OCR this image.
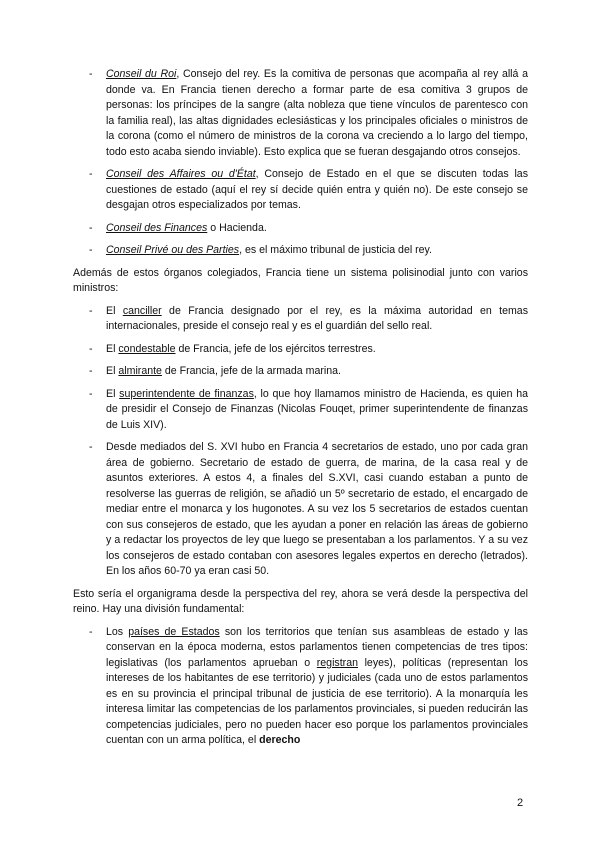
- Conseil du Roi, Consejo del rey. Es la comitiva de personas que acompaña al rey allá a donde va. En Francia tienen derecho a formar parte de esa comitiva 3 grupos de personas: los príncipes de la sangre (alta nobleza que tiene vínculos de parentesco con la familia real), las altas dignidades eclesiásticas y los principales oficiales o ministros de la corona (como el número de ministros de la corona va creciendo a lo largo del tiempo, todo esto acaba siendo inviable). Esto explica que se fueran desgajando otros consejos.
- Conseil des Affaires ou d'État, Consejo de Estado en el que se discuten todas las cuestiones de estado (aquí el rey sí decide quién entra y quién no). De este consejo se desgajan otros especializados por temas.
- Conseil des Finances o Hacienda.
- Conseil Privé ou des Parties, es el máximo tribunal de justicia del rey.

Además de estos órganos colegiados, Francia tiene un sistema polisinodial junto con varios ministros:

- El canciller de Francia designado por el rey, es la máxima autoridad en temas internacionales, preside el consejo real y es el guardián del sello real.
- El condestable de Francia, jefe de los ejércitos terrestres.
- El almirante de Francia, jefe de la armada marina.
- El superintendente de finanzas, lo que hoy llamamos ministro de Hacienda, es quien ha de presidir el Consejo de Finanzas (Nicolas Fouqet, primer superintendente de finanzas de Luis XIV).
- Desde mediados del S. XVI hubo en Francia 4 secretarios de estado, uno por cada gran área de gobierno. Secretario de estado de guerra, de marina, de la casa real y de asuntos exteriores. A estos 4, a finales del S.XVI, casi cuando estaban a punto de resolverse las guerras de religión, se añadió un 5º secretario de estado, el encargado de mediar entre el monarca y los hugonotes. A su vez los 5 secretarios de estados cuentan con sus consejeros de estado, que les ayudan a poner en relación las áreas de gobierno y a redactar los proyectos de ley que luego se presentaban a los parlamentos. Y a su vez los consejeros de estado contaban con asesores legales expertos en derecho (letrados). En los años 60-70 ya eran casi 50.

Esto sería el organigrama desde la perspectiva del rey, ahora se verá desde la perspectiva del reino. Hay una división fundamental:

- Los países de Estados son los territorios que tenían sus asambleas de estado y las conservan en la época moderna, estos parlamentos tienen competencias de tres tipos: legislativas (los parlamentos aprueban o registran leyes), políticas (representan los intereses de los habitantes de ese territorio) y judiciales (cada uno de estos parlamentos es en su provincia el principal tribunal de justicia de ese territorio). A la monarquía les interesa limitar las competencias de los parlamentos provinciales, si pueden reducirán las competencias judiciales, pero no pueden hacer eso porque los parlamentos provinciales cuentan con un arma política, el derecho
2
